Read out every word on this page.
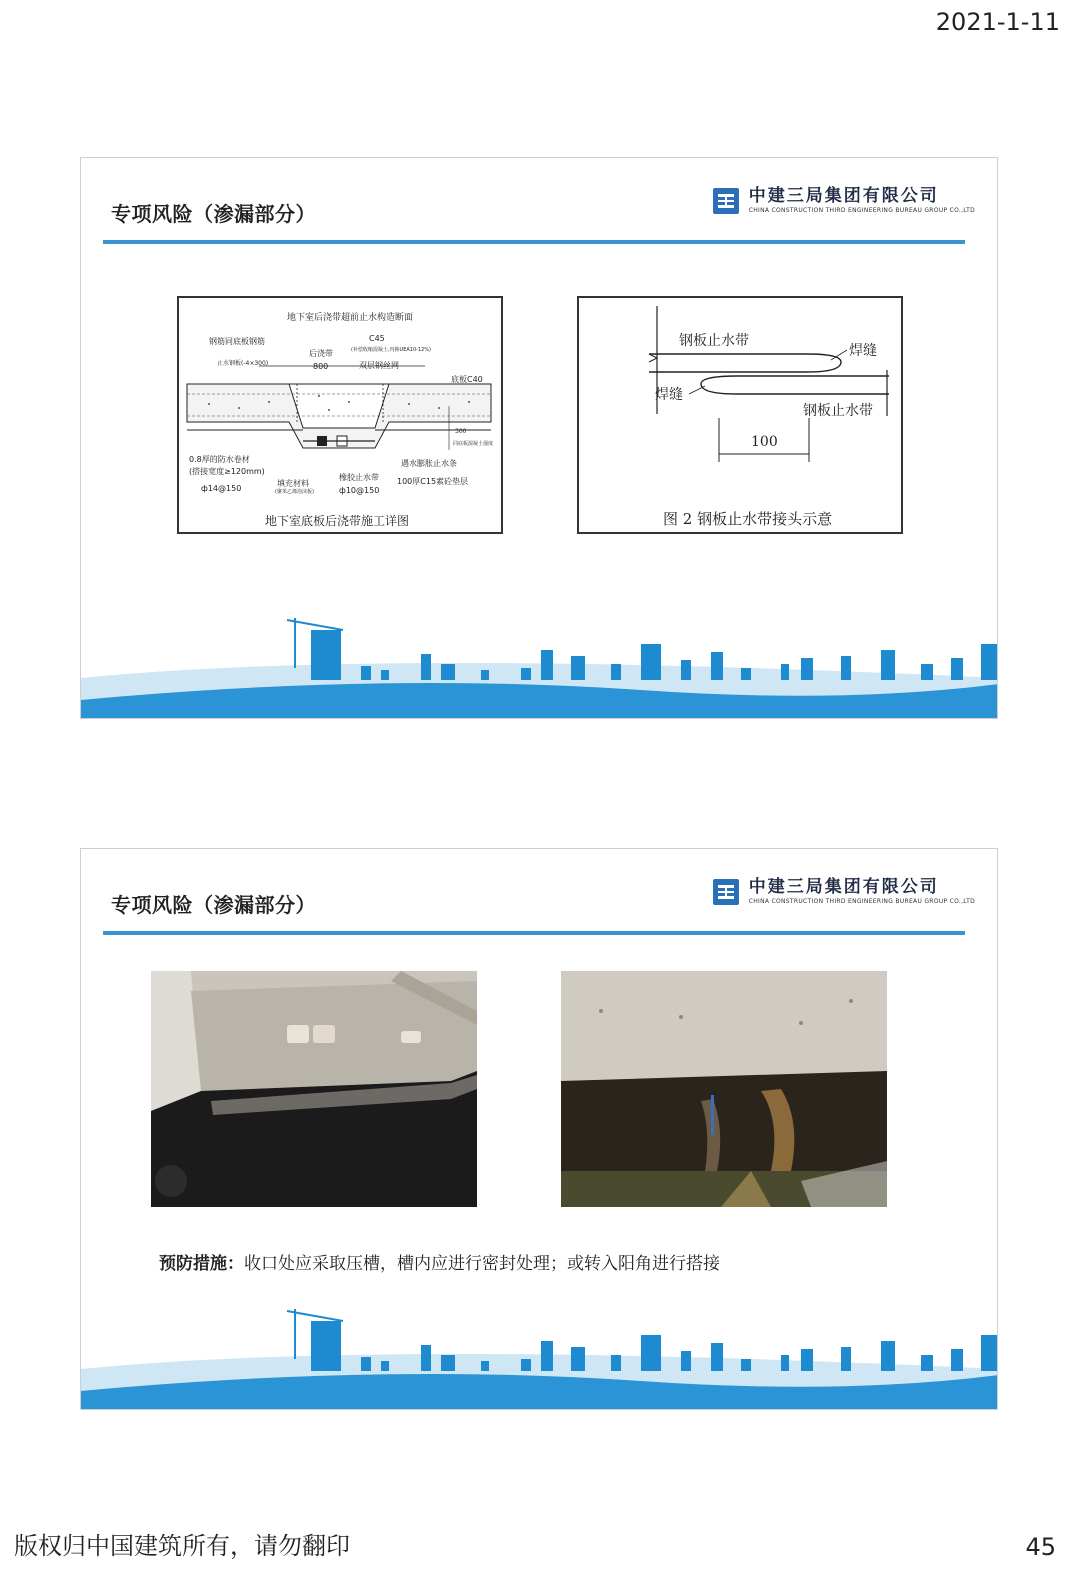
2021-1-11
专项风险（渗漏部分）
中建三局集团有限公司
CHINA CONSTRUCTION THIRD ENGINEERING BUREAU GROUP CO.,LTD
地下室后浇带超前止水构造断面
钢筋同底板钢筋
止水钢板(-4×300)
后浇带
800
C45
(补偿收缩混凝土,内掺UEA10-12%)
双层钢丝网
底板C40
同底板混凝土强度
300
0.8厚的防水卷材
(搭接宽度≥120mm)
ф14@150
填充材料
(聚苯乙烯泡沫板)
橡胶止水带
ф10@150
遇水膨胀止水条
100厚C15素砼垫层
地下室底板后浇带施工详图
钢板止水带
焊缝
焊缝
钢板止水带
100
图 2 钢板止水带接头示意
专项风险（渗漏部分）
中建三局集团有限公司
CHINA CONSTRUCTION THIRD ENGINEERING BUREAU GROUP CO.,LTD
预防措施：收口处应采取压槽，槽内应进行密封处理；或转入阳角进行搭接
版权归中国建筑所有，请勿翻印	45
